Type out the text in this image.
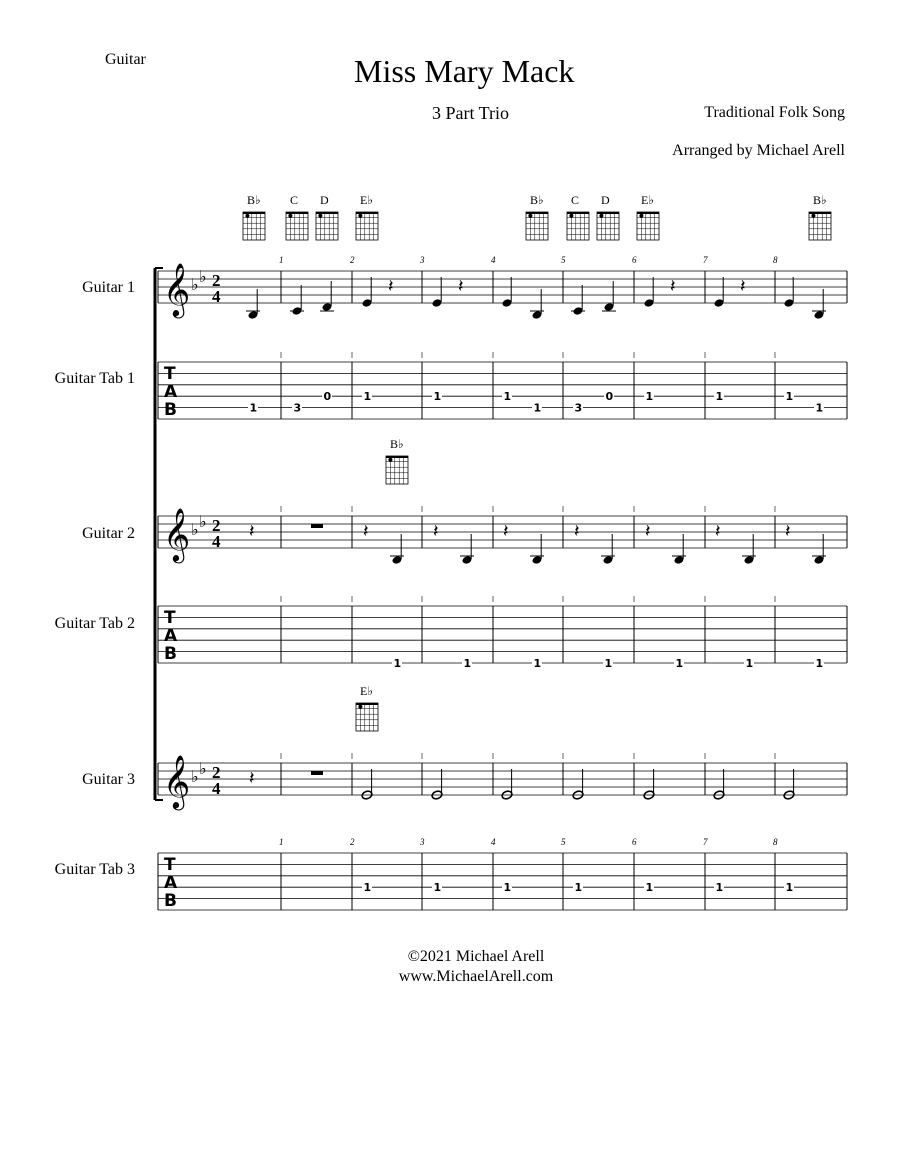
Guitar	Miss Mary Mack
3 Part Trio	Traditional Folk Song
Arranged by Michael Arell
Guitar 1
Guitar Tab 1
Guitar 2
Guitar Tab 2
Guitar 3
Guitar Tab 3
©2021 Michael Arell
www.MichaelArell.com
𝄞 ♭ ♭ 2
4
1	2	3	4	5	6	7	8
𝄞 ♭ ♭ 2
4
𝄞 ♭ ♭ 2
4
T
A
B
T
A
B
T
A
B
1	2	3	4	5	6	7	8
𝄽	𝄽	𝄽	𝄽
𝄽	𝄽	𝄽	𝄽	𝄽	𝄽	𝄽	𝄽
𝄽
1	3
0	1	1	1
1	3
0	1	1	1
1
1	1	1	1	1	1	1
1	1	1	1	1	1	1
B♭ C D	E♭	B♭ C D	E♭	B♭
B♭
E♭
